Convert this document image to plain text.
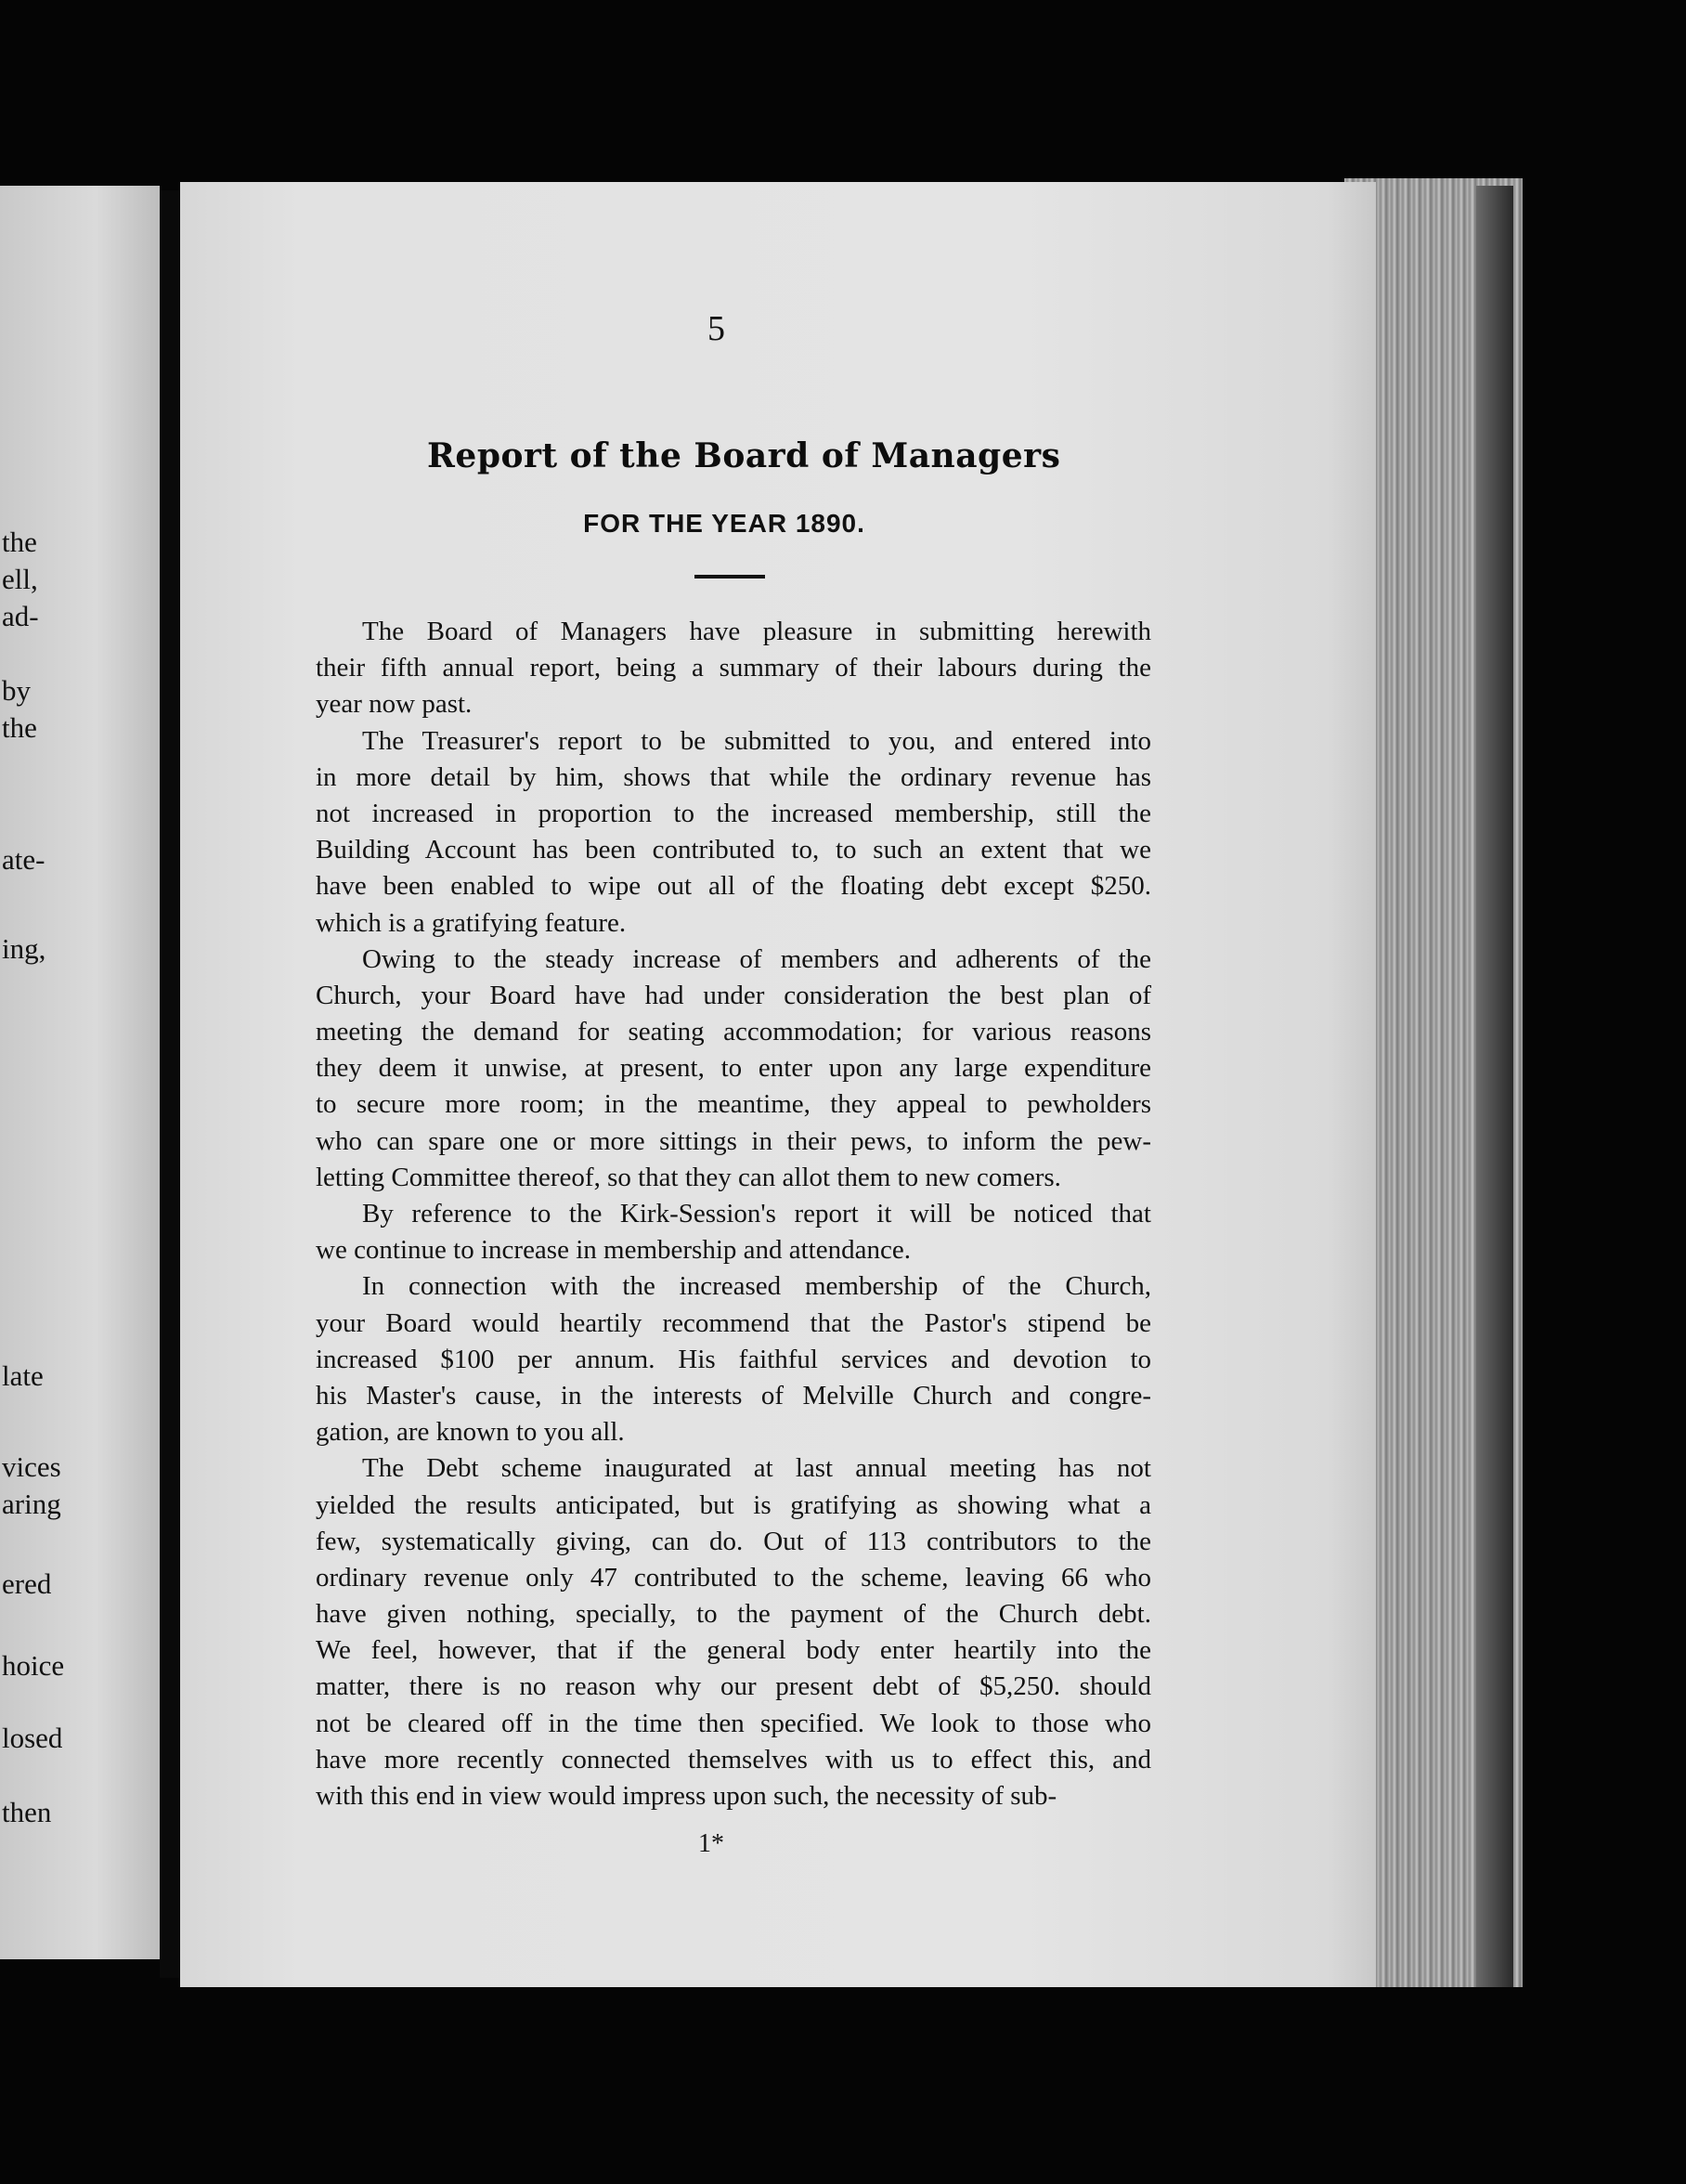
the
ell,
ad-
by
the
ate-
ing,
late
vices
aring
ered
hoice
losed
then
5
Report of the Board of Managers
FOR THE YEAR 1890.
The Board of Managers have pleasure in submitting herewith
their fifth annual report, being a summary of their labours during the
year now past.
The Treasurer's report to be submitted to you, and entered into
in more detail by him, shows that while the ordinary revenue has
not increased in proportion to the increased membership, still the
Building Account has been contributed to, to such an extent that we
have been enabled to wipe out all of the floating debt except $250.
which is a gratifying feature.
Owing to the steady increase of members and adherents of the
Church, your Board have had under consideration the best plan of
meeting the demand for seating accommodation; for various reasons
they deem it unwise, at present, to enter upon any large expenditure
to secure more room; in the meantime, they appeal to pewholders
who can spare one or more sittings in their pews, to inform the pew-
letting Committee thereof, so that they can allot them to new comers.
By reference to the Kirk-Session's report it will be noticed that
we continue to increase in membership and attendance.
In connection with the increased membership of the Church,
your Board would heartily recommend that the Pastor's stipend be
increased $100 per annum. His faithful services and devotion to
his Master's cause, in the interests of Melville Church and congre-
gation, are known to you all.
The Debt scheme inaugurated at last annual meeting has not
yielded the results anticipated, but is gratifying as showing what a
few, systematically giving, can do. Out of 113 contributors to the
ordinary revenue only 47 contributed to the scheme, leaving 66 who
have given nothing, specially, to the payment of the Church debt.
We feel, however, that if the general body enter heartily into the
matter, there is no reason why our present debt of $5,250. should
not be cleared off in the time then specified. We look to those who
have more recently connected themselves with us to effect this, and
with this end in view would impress upon such, the necessity of sub-
1*
